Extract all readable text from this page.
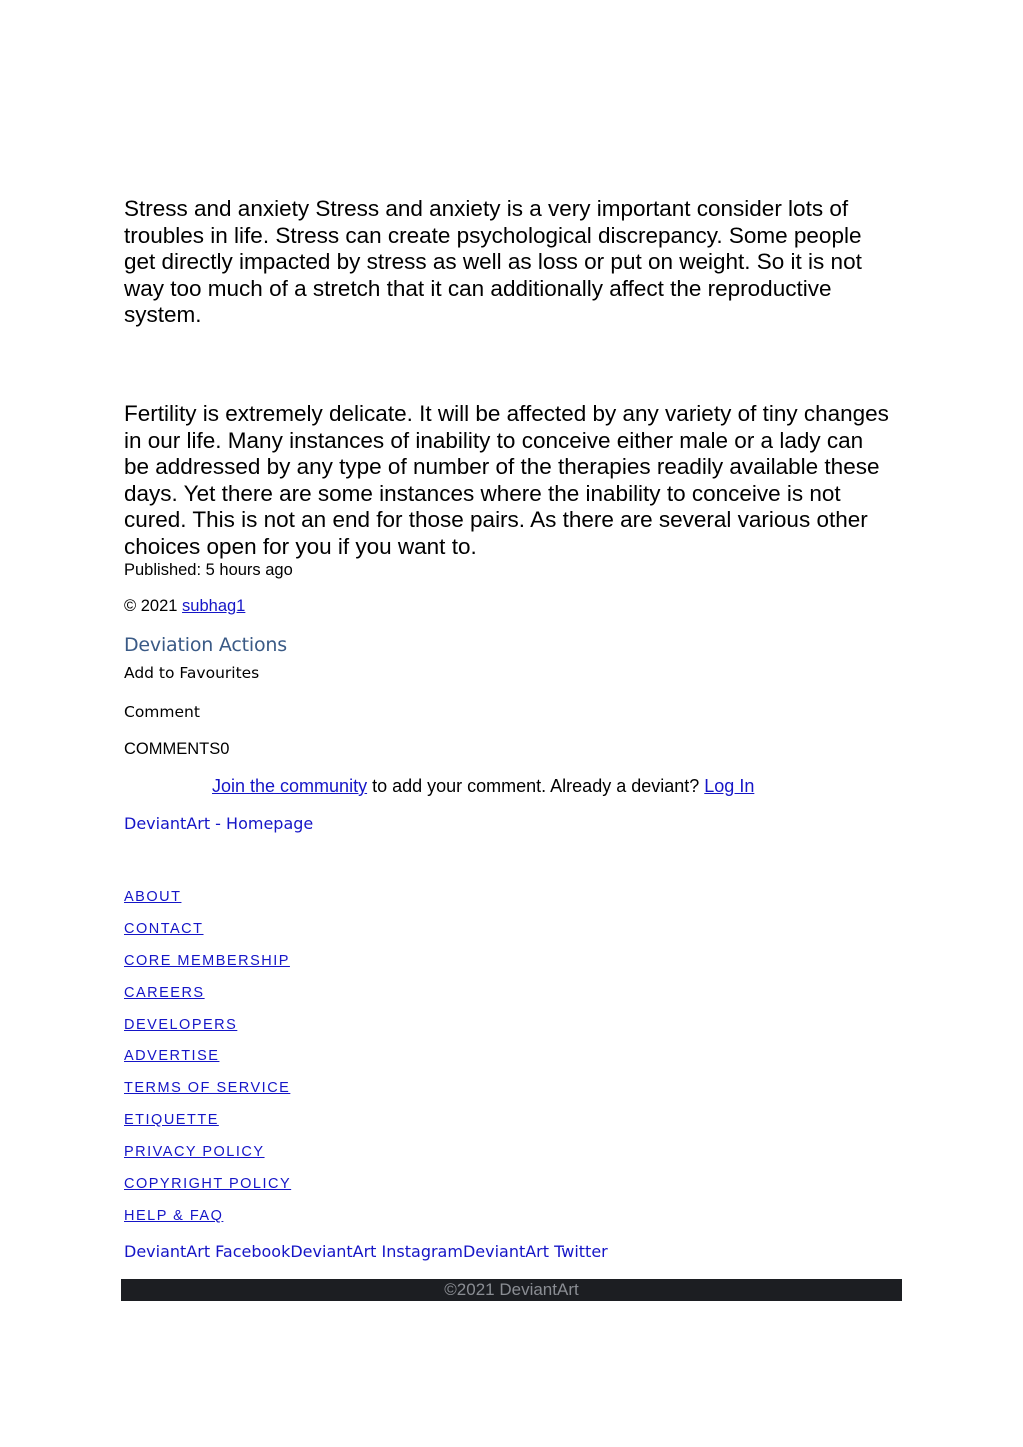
Stress and anxiety Stress and anxiety is a very important consider lots of troubles in life. Stress can create psychological discrepancy. Some people get directly impacted by stress as well as loss or put on weight. So it is not way too much of a stretch that it can additionally affect the reproductive system.

Fertility is extremely delicate. It will be affected by any variety of tiny changes in our life. Many instances of inability to conceive either male or a lady can be addressed by any type of number of the therapies readily available these days. Yet there are some instances where the inability to conceive is not cured. This is not an end for those pairs. As there are several various other choices open for you if you want to.

Published: 5 hours ago
© 2021 subhag1
Deviation Actions
Add to Favourites
Comment
COMMENTS0
Join the community to add your comment. Already a deviant? Log In
DeviantArt - Homepage
ABOUT
CONTACT
CORE MEMBERSHIP
CAREERS
DEVELOPERS
ADVERTISE
TERMS OF SERVICE
ETIQUETTE
PRIVACY POLICY
COPYRIGHT POLICY
HELP & FAQ
DeviantArt FacebookDeviantArt InstagramDeviantArt Twitter
©2021 DeviantArt
